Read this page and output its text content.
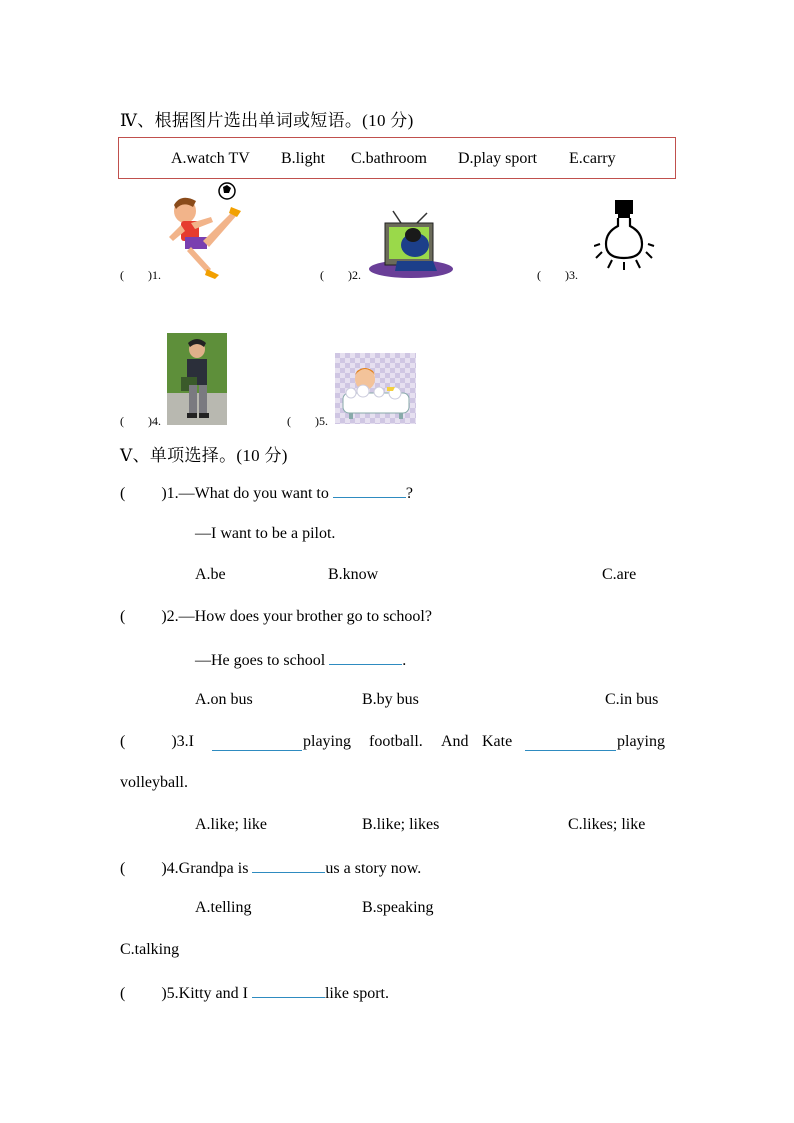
Ⅳ、根据图片选出单词或短语。(10 分)
A.watch TV B.light C.bathroom D.play sport E.carry
( )1.	( )2.	( )3.
( )4.	( )5.
Ⅴ、单项选择。(10 分)
( )1.—What do you want to	?
—I want to be a pilot.
A.be	B.know	C.are
( )2.—How does your brother go to school?
—He goes to school	.
A.on bus	B.by bus	C.in bus
(	)3.I	playing football. And Kate	playing
volleyball.
A.like; like	B.like; likes	C.likes; like
( )4.Grandpa is	us a story now.
A.telling	B.speaking
C.talking
( )5.Kitty and I	like sport.
